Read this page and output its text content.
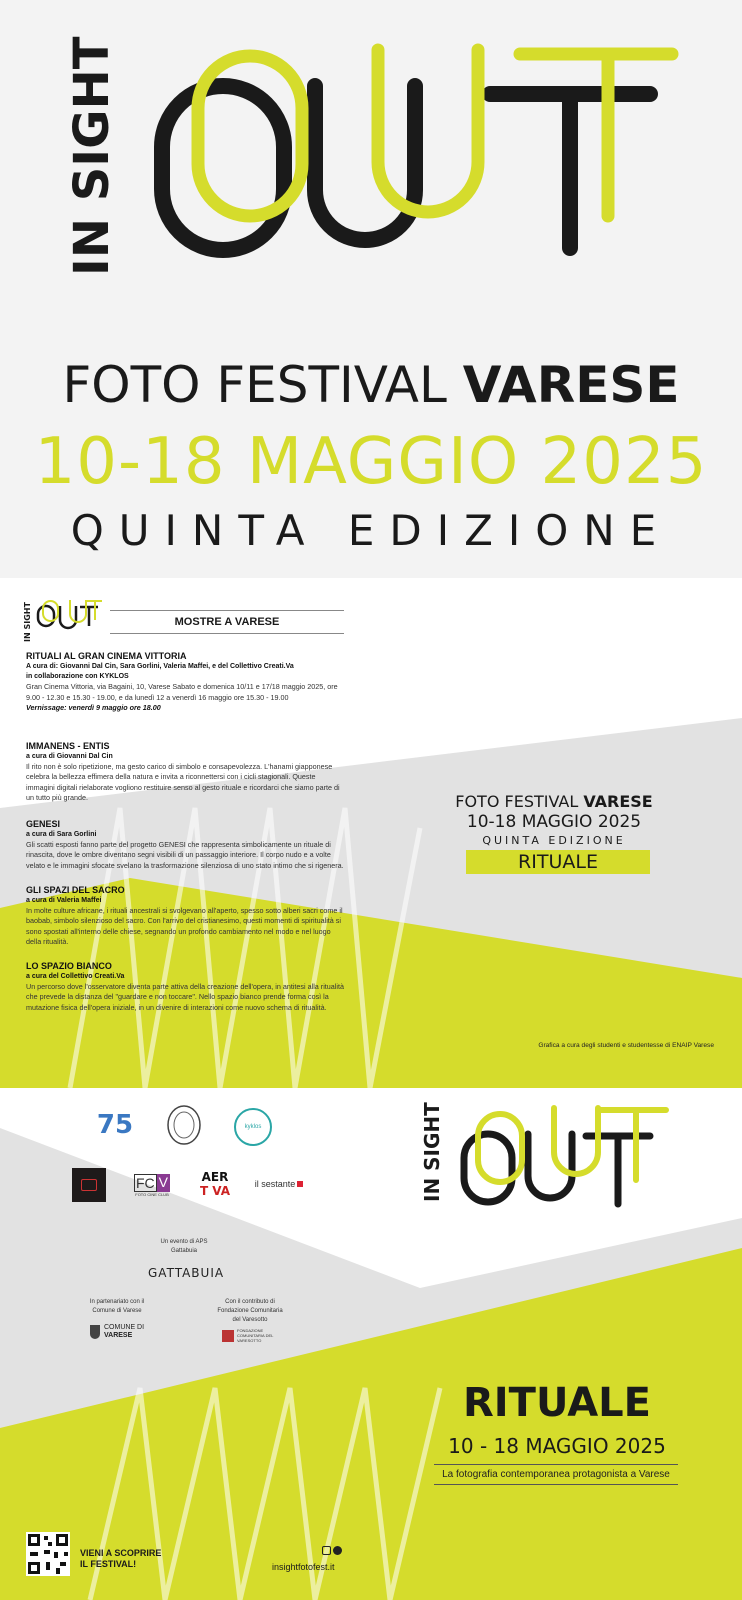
IN SIGHT
FOTO FESTIVAL VARESE
10-18 MAGGIO 2025
QUINTA EDIZIONE
IN SIGHT	MOSTRE A VARESE
RITUALI AL GRAN CINEMA VITTORIA

A cura di: Giovanni Dal Cin, Sara Gorlini, Valeria Maffei, e del Collettivo Creati.Va

in collaborazione con KYKLOS

Gran Cinema Vittoria, via Bagaini, 10, Varese Sabato e domenica 10/11 e 17/18 maggio 2025, ore 9.00 - 12.30 e 15.30 - 19.00, e da lunedì 12 a venerdì 16 maggio ore 15.30 - 19.00

Vernissage: venerdì 9 maggio ore 18.00

IMMANENS - ENTIS

a cura di Giovanni Dal Cin

Il rito non è solo ripetizione, ma gesto carico di simbolo e consapevolezza. L'hanami giapponese celebra la bellezza effimera della natura e invita a riconnettersi con i cicli stagionali. Queste immagini digitali rielaborate vogliono restituire senso al gesto rituale e ricordarci che siamo parte di un tutto più grande.

GENESI

a cura di Sara Gorlini

Gli scatti esposti fanno parte del progetto GENESI che rappresenta simbolicamente un rituale di rinascita, dove le ombre diventano segni visibili di un passaggio interiore. Il corpo nudo e a volte velato e le immagini sfocate svelano la trasformazione silenziosa di uno stato intimo che si rigenera.

GLI SPAZI DEL SACRO

a cura di Valeria Maffei

In molte culture africane, i rituali ancestrali si svolgevano all'aperto, spesso sotto alberi sacri come il baobab, simbolo silenzioso del sacro. Con l'arrivo del cristianesimo, questi momenti di spiritualità si sono spostati all'interno delle chiese, segnando un profondo cambiamento nel modo e nel luogo della ritualità.

LO SPAZIO BIANCO

a cura del Collettivo Creati.Va

Un percorso dove l'osservatore diventa parte attiva della creazione dell'opera, in antitesi alla ritualità che prevede la distanza del "guardare e non toccare". Nello spazio bianco prende forma così la mutazione fisica dell'opera iniziale, in un divenire di interazioni come nuovo schema di ritualità.

FOTO FESTIVAL VARESE
10-18 MAGGIO 2025
QUINTA EDIZIONE
RITUALE
Grafica a cura degli studenti e studentesse di ENAIP Varese
75	kyklos
FC V
FOTO CINE CLUB
AER
T VA	il sestante
Un evento di APS Gattabuia
GATTABUIA
In partenariato con il Comune di Varese
COMUNE DI
VARESE
Con il contributo di Fondazione Comunitaria del Varesotto
FONDAZIONE COMUNITARIA DEL VARESOTTO
IN SIGHT
RITUALE
10 - 18 MAGGIO 2025
La fotografia contemporanea protagonista a Varese
VIENI A SCOPRIRE
IL FESTIVAL!	insightfotofest.it
